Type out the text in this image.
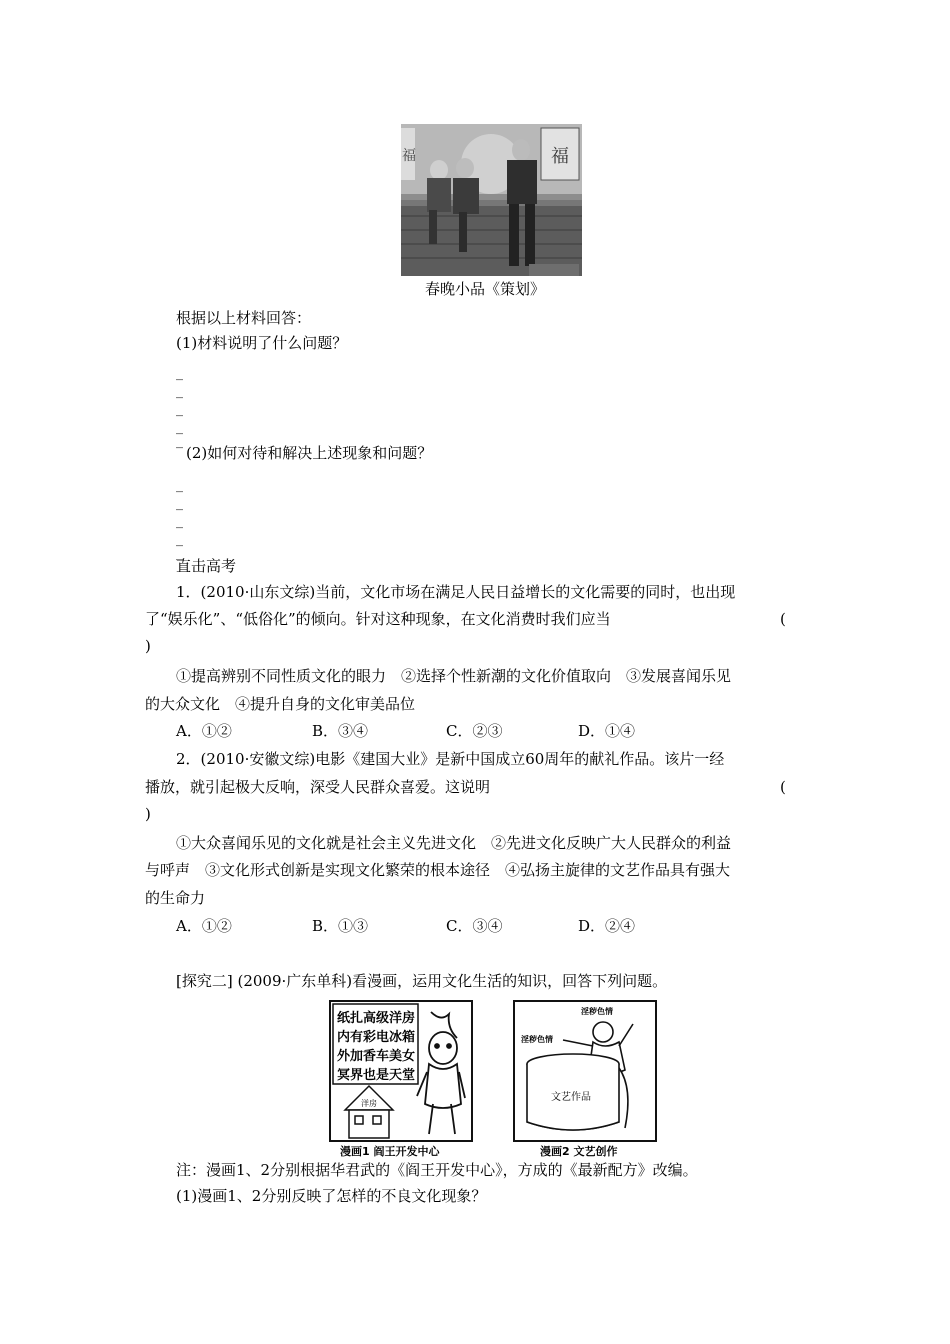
福
福
春晚小品《策划》
根据以上材料回答：
(1)材料说明了什么问题？
_
_
_
_
_
(2)如何对待和解决上述现象和问题？
_
_
_
_
_
直击高考
1．(2010·山东文综)当前，文化市场在满足人民日益增长的文化需要的同时，也出现
了“娱乐化”、“低俗化”的倾向。针对这种现象，在文化消费时我们应当	(
)
①提高辨别不同性质文化的眼力　②选择个性新潮的文化价值取向　③发展喜闻乐见
的大众文化　④提升自身的文化审美品位
A．①②	B．③④	C．②③	D．①④
2．(2010·安徽文综)电影《建国大业》是新中国成立60周年的献礼作品。该片一经
播放，就引起极大反响，深受人民群众喜爱。这说明	(
)
①大众喜闻乐见的文化就是社会主义先进文化　②先进文化反映广大人民群众的利益
与呼声　③文化形式创新是实现文化繁荣的根本途径　④弘扬主旋律的文艺作品具有强大
的生命力
A．①②	B．①③	C．③④	D．②④
[探究二] (2009·广东单科)看漫画，运用文化生活的知识，回答下列问题。
纸扎高级洋房
内有彩电冰箱
外加香车美女
冥界也是天堂
洋房
漫画1 阎王开发中心
淫秽色情
淫秽色情
文艺作品
漫画2 文艺创作
注：漫画1、2分别根据华君武的《阎王开发中心》，方成的《最新配方》改编。
(1)漫画1、2分别反映了怎样的不良文化现象？
